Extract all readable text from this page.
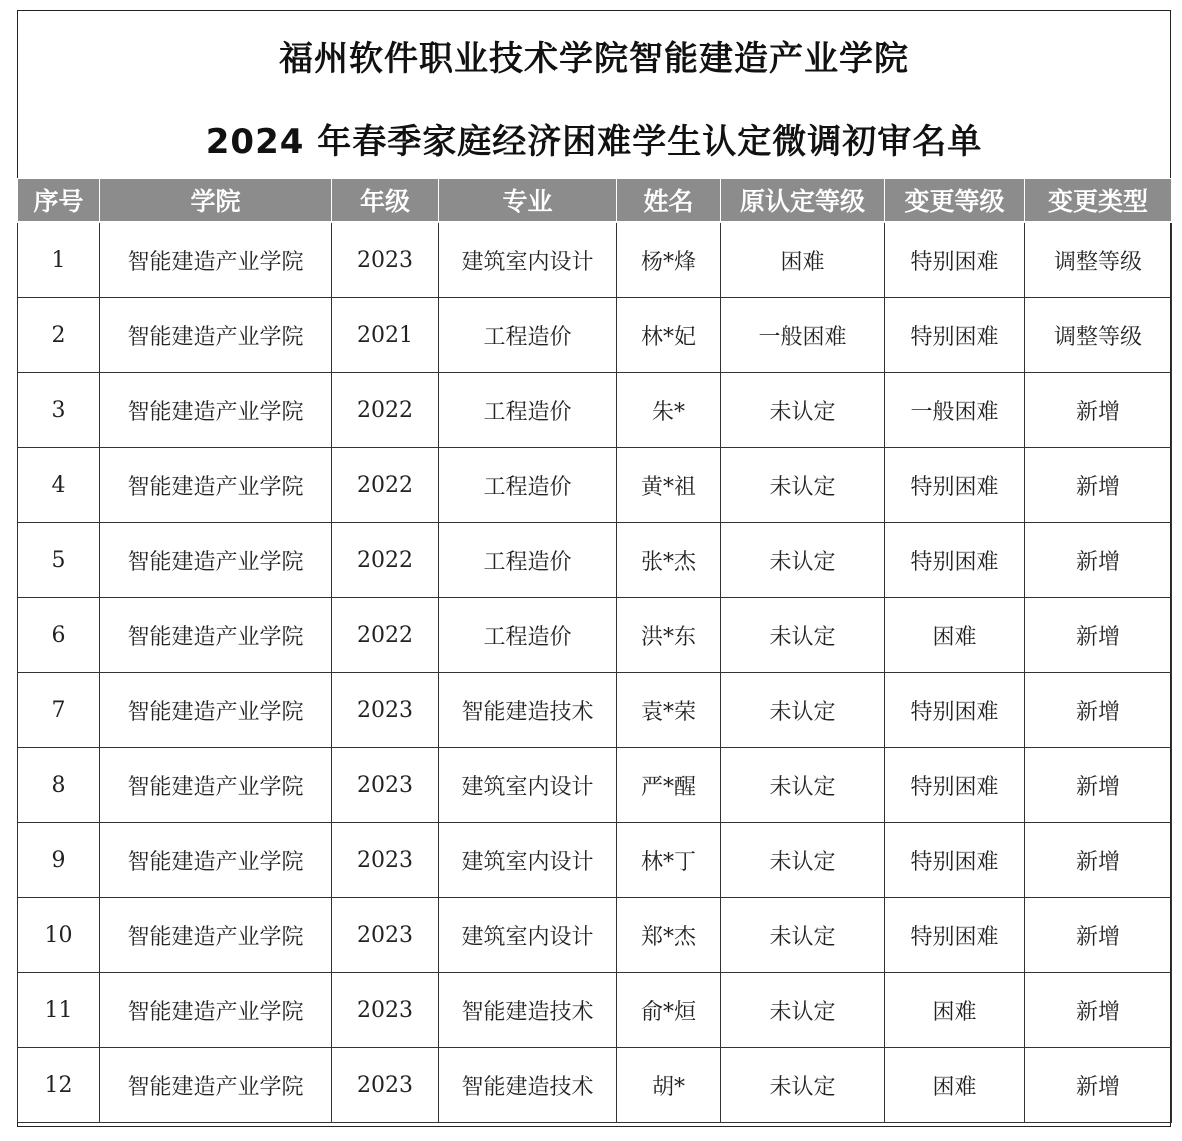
福州软件职业技术学院智能建造产业学院
2024 年春季家庭经济困难学生认定微调初审名单
序号	学院	年级	专业	姓名	原认定等级	变更等级	变更类型
1	智能建造产业学院	2023	建筑室内设计	杨*烽	困难	特别困难	调整等级
2	智能建造产业学院	2021	工程造价	林*妃	一般困难	特别困难	调整等级
3	智能建造产业学院	2022	工程造价	朱*	未认定	一般困难	新增
4	智能建造产业学院	2022	工程造价	黄*祖	未认定	特别困难	新增
5	智能建造产业学院	2022	工程造价	张*杰	未认定	特别困难	新增
6	智能建造产业学院	2022	工程造价	洪*东	未认定	困难	新增
7	智能建造产业学院	2023	智能建造技术	袁*荣	未认定	特别困难	新增
8	智能建造产业学院	2023	建筑室内设计	严*醒	未认定	特别困难	新增
9	智能建造产业学院	2023	建筑室内设计	林*丁	未认定	特别困难	新增
10	智能建造产业学院	2023	建筑室内设计	郑*杰	未认定	特别困难	新增
11	智能建造产业学院	2023	智能建造技术	俞*烜	未认定	困难	新增
12	智能建造产业学院	2023	智能建造技术	胡*	未认定	困难	新增
